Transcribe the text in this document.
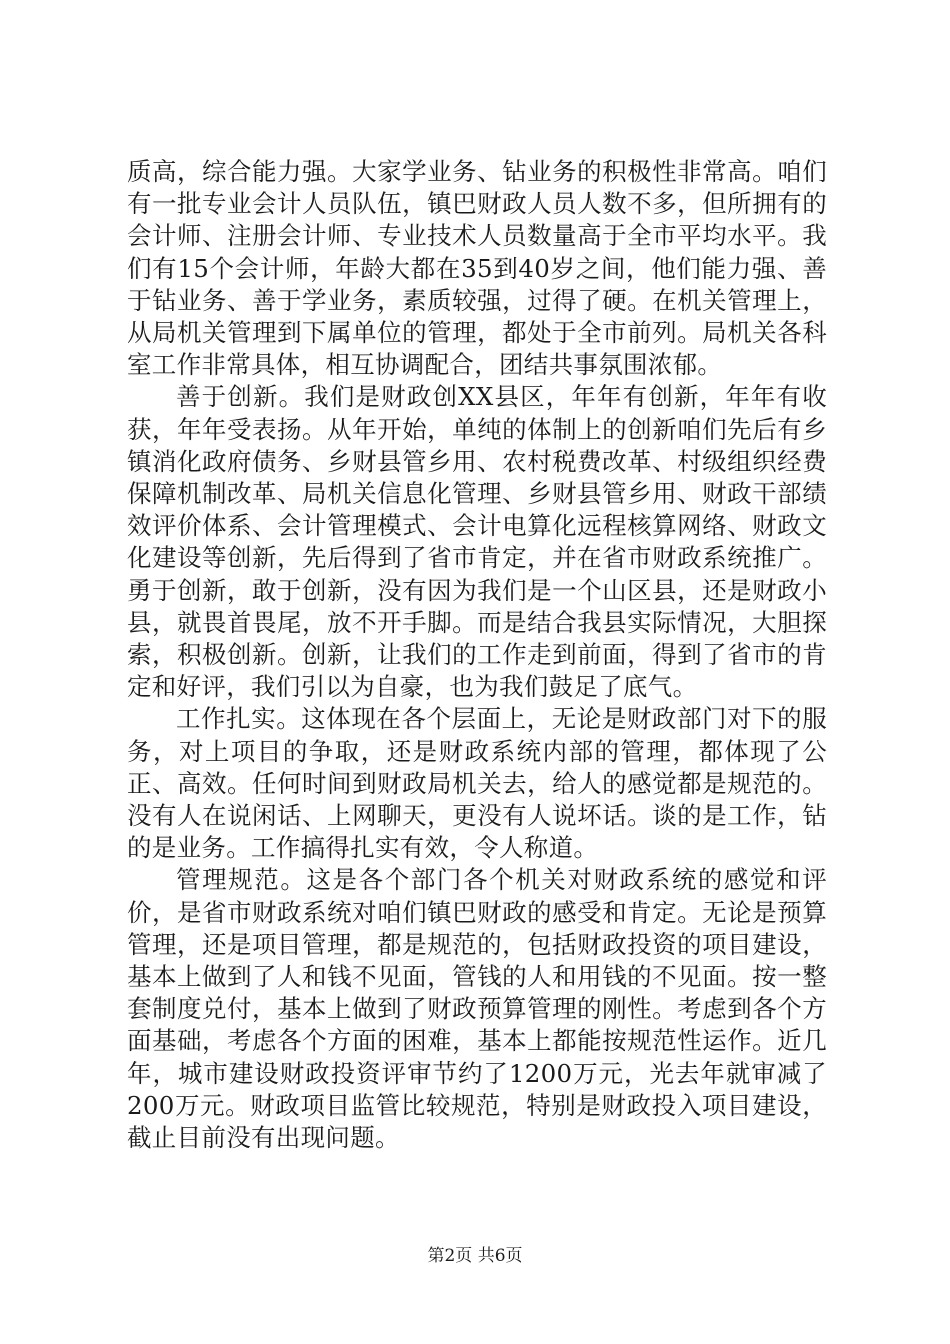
质高，综合能力强。大家学业务、钻业务的积极性非常高。咱们有一批专业会计人员队伍，镇巴财政人员人数不多，但所拥有的会计师、注册会计师、专业技术人员数量高于全市平均水平。我们有15个会计师，年龄大都在35到40岁之间，他们能力强、善于钻业务、善于学业务，素质较强，过得了硬。在机关管理上，从局机关管理到下属单位的管理，都处于全市前列。局机关各科室工作非常具体，相互协调配合，团结共事氛围浓郁。

善于创新。我们是财政创XX县区，年年有创新，年年有收获，年年受表扬。从年开始，单纯的体制上的创新咱们先后有乡镇消化政府债务、乡财县管乡用、农村税费改革、村级组织经费保障机制改革、局机关信息化管理、乡财县管乡用、财政干部绩效评价体系、会计管理模式、会计电算化远程核算网络、财政文化建设等创新，先后得到了省市肯定，并在省市财政系统推广。勇于创新，敢于创新，没有因为我们是一个山区县，还是财政小县，就畏首畏尾，放不开手脚。而是结合我县实际情况，大胆探索，积极创新。创新，让我们的工作走到前面，得到了省市的肯定和好评，我们引以为自豪，也为我们鼓足了底气。

工作扎实。这体现在各个层面上，无论是财政部门对下的服务，对上项目的争取，还是财政系统内部的管理，都体现了公正、高效。任何时间到财政局机关去，给人的感觉都是规范的。没有人在说闲话、上网聊天，更没有人说坏话。谈的是工作，钻的是业务。工作搞得扎实有效，令人称道。

管理规范。这是各个部门各个机关对财政系统的感觉和评价，是省市财政系统对咱们镇巴财政的感受和肯定。无论是预算管理，还是项目管理，都是规范的，包括财政投资的项目建设，基本上做到了人和钱不见面，管钱的人和用钱的不见面。按一整套制度兑付，基本上做到了财政预算管理的刚性。考虑到各个方面基础，考虑各个方面的困难，基本上都能按规范性运作。近几年，城市建设财政投资评审节约了1200万元，光去年就审减了200万元。财政项目监管比较规范，特别是财政投入项目建设，截止目前没有出现问题。

第2页 共6页
